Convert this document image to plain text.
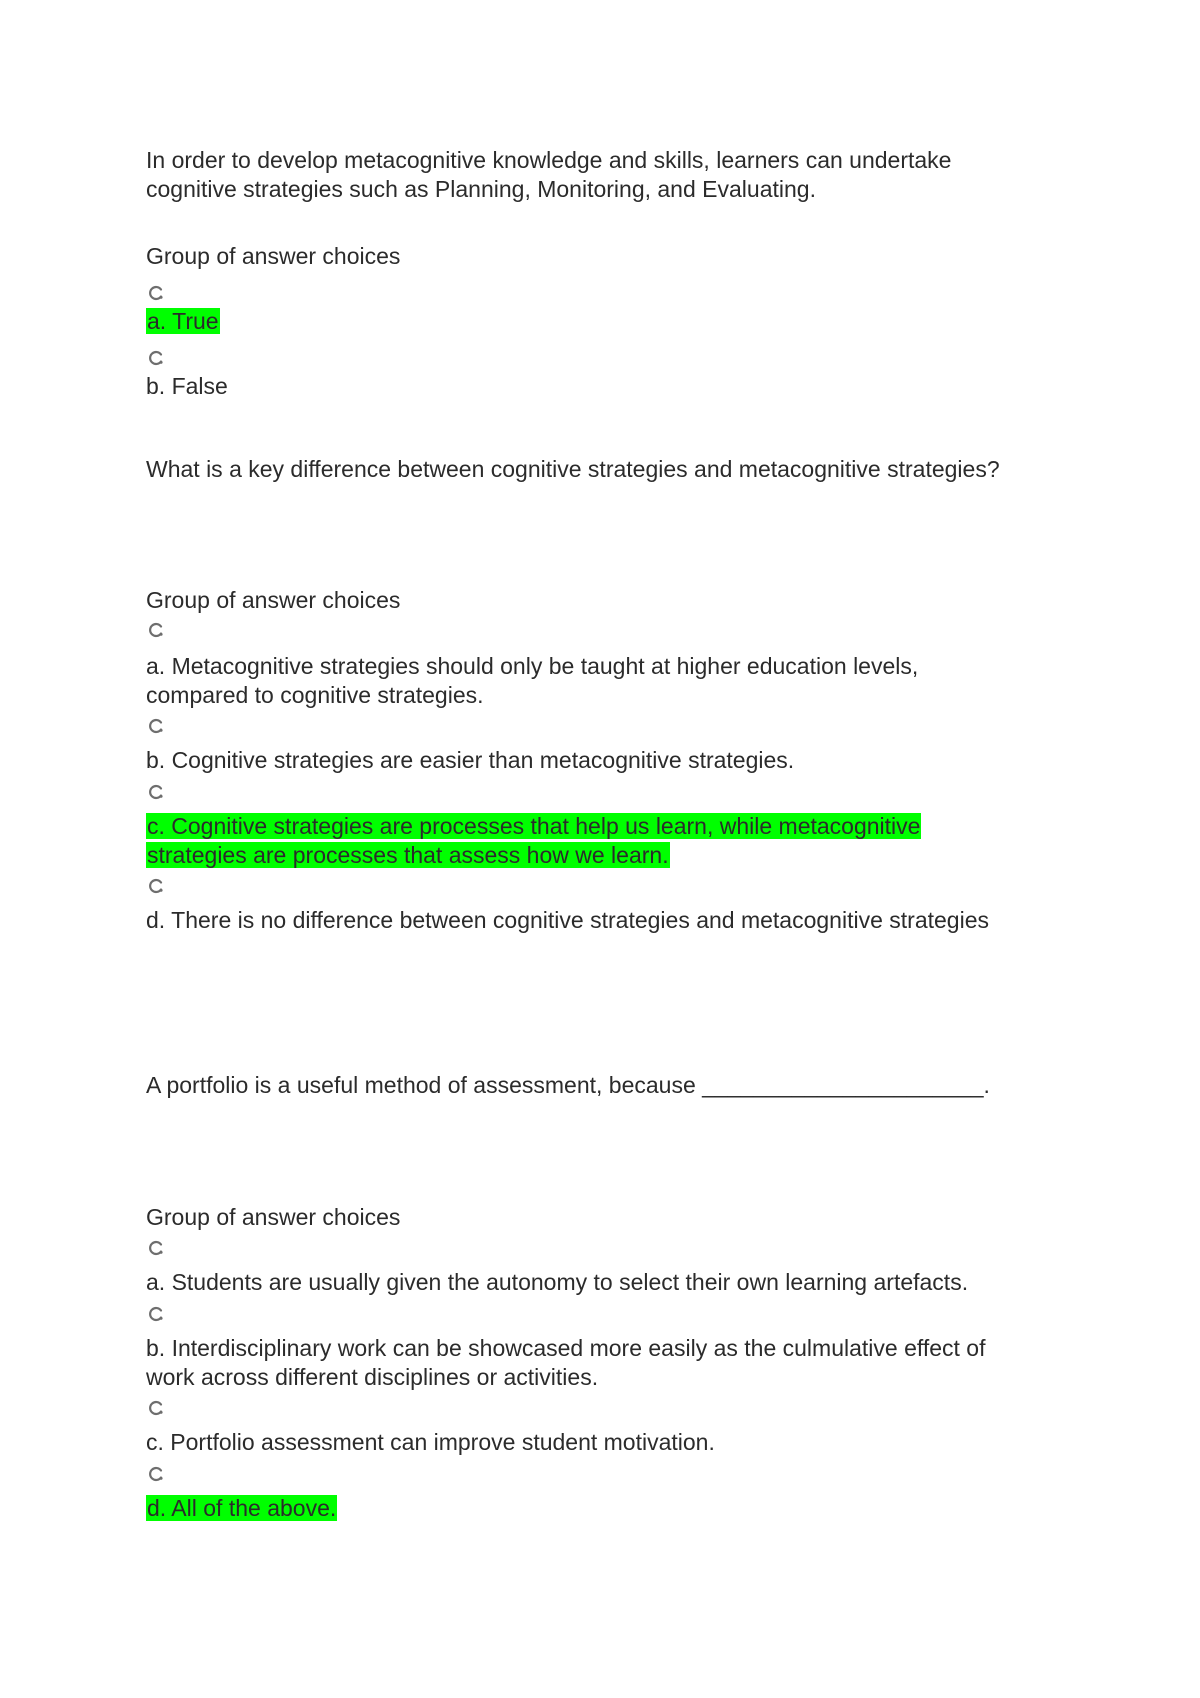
In order to develop metacognitive knowledge and skills, learners can undertake
cognitive strategies such as Planning, Monitoring, and Evaluating.
Group of answer choices
a. True
b. False
What is a key difference between cognitive strategies and metacognitive strategies?
Group of answer choices
a. Metacognitive strategies should only be taught at higher education levels,
compared to cognitive strategies.
b. Cognitive strategies are easier than metacognitive strategies.
c. Cognitive strategies are processes that help us learn, while metacognitive
strategies are processes that assess how we learn.
d. There is no difference between cognitive strategies and metacognitive strategies
A portfolio is a useful method of assessment, because ______________________.
Group of answer choices
a. Students are usually given the autonomy to select their own learning artefacts.
b. Interdisciplinary work can be showcased more easily as the culmulative effect of
work across different disciplines or activities.
c. Portfolio assessment can improve student motivation.
d. All of the above.
